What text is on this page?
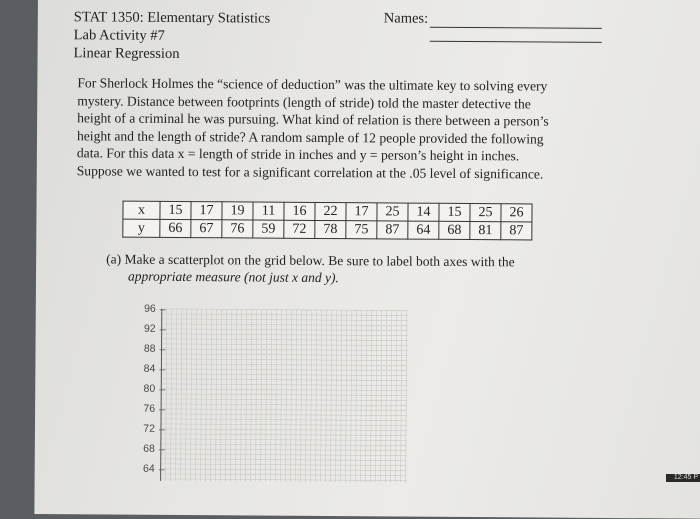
STAT 1350: Elementary Statistics
Lab Activity #7
Linear Regression
Names:

For Sherlock Holmes the “science of deduction” was the ultimate key to solving every

mystery. Distance between footprints (length of stride) told the master detective the

height of a criminal he was pursuing. What kind of relation is there between a person’s

height and the length of stride? A random sample of 12 people provided the following

data. For this data x = length of stride in inches and y = person’s height in inches.

Suppose we wanted to test for a significant correlation at the .05 level of significance.

x	15	17	19	11	16	22	17	25	14	15	25	26
y	66	67	76	59	72	78	75	87	64	68	81	87

(a) Make a scatterplot on the grid below. Be sure to label both axes with the

appropriate measure (not just x and y).

96
92
88
84
80
76
72
68
64
12:45 P
